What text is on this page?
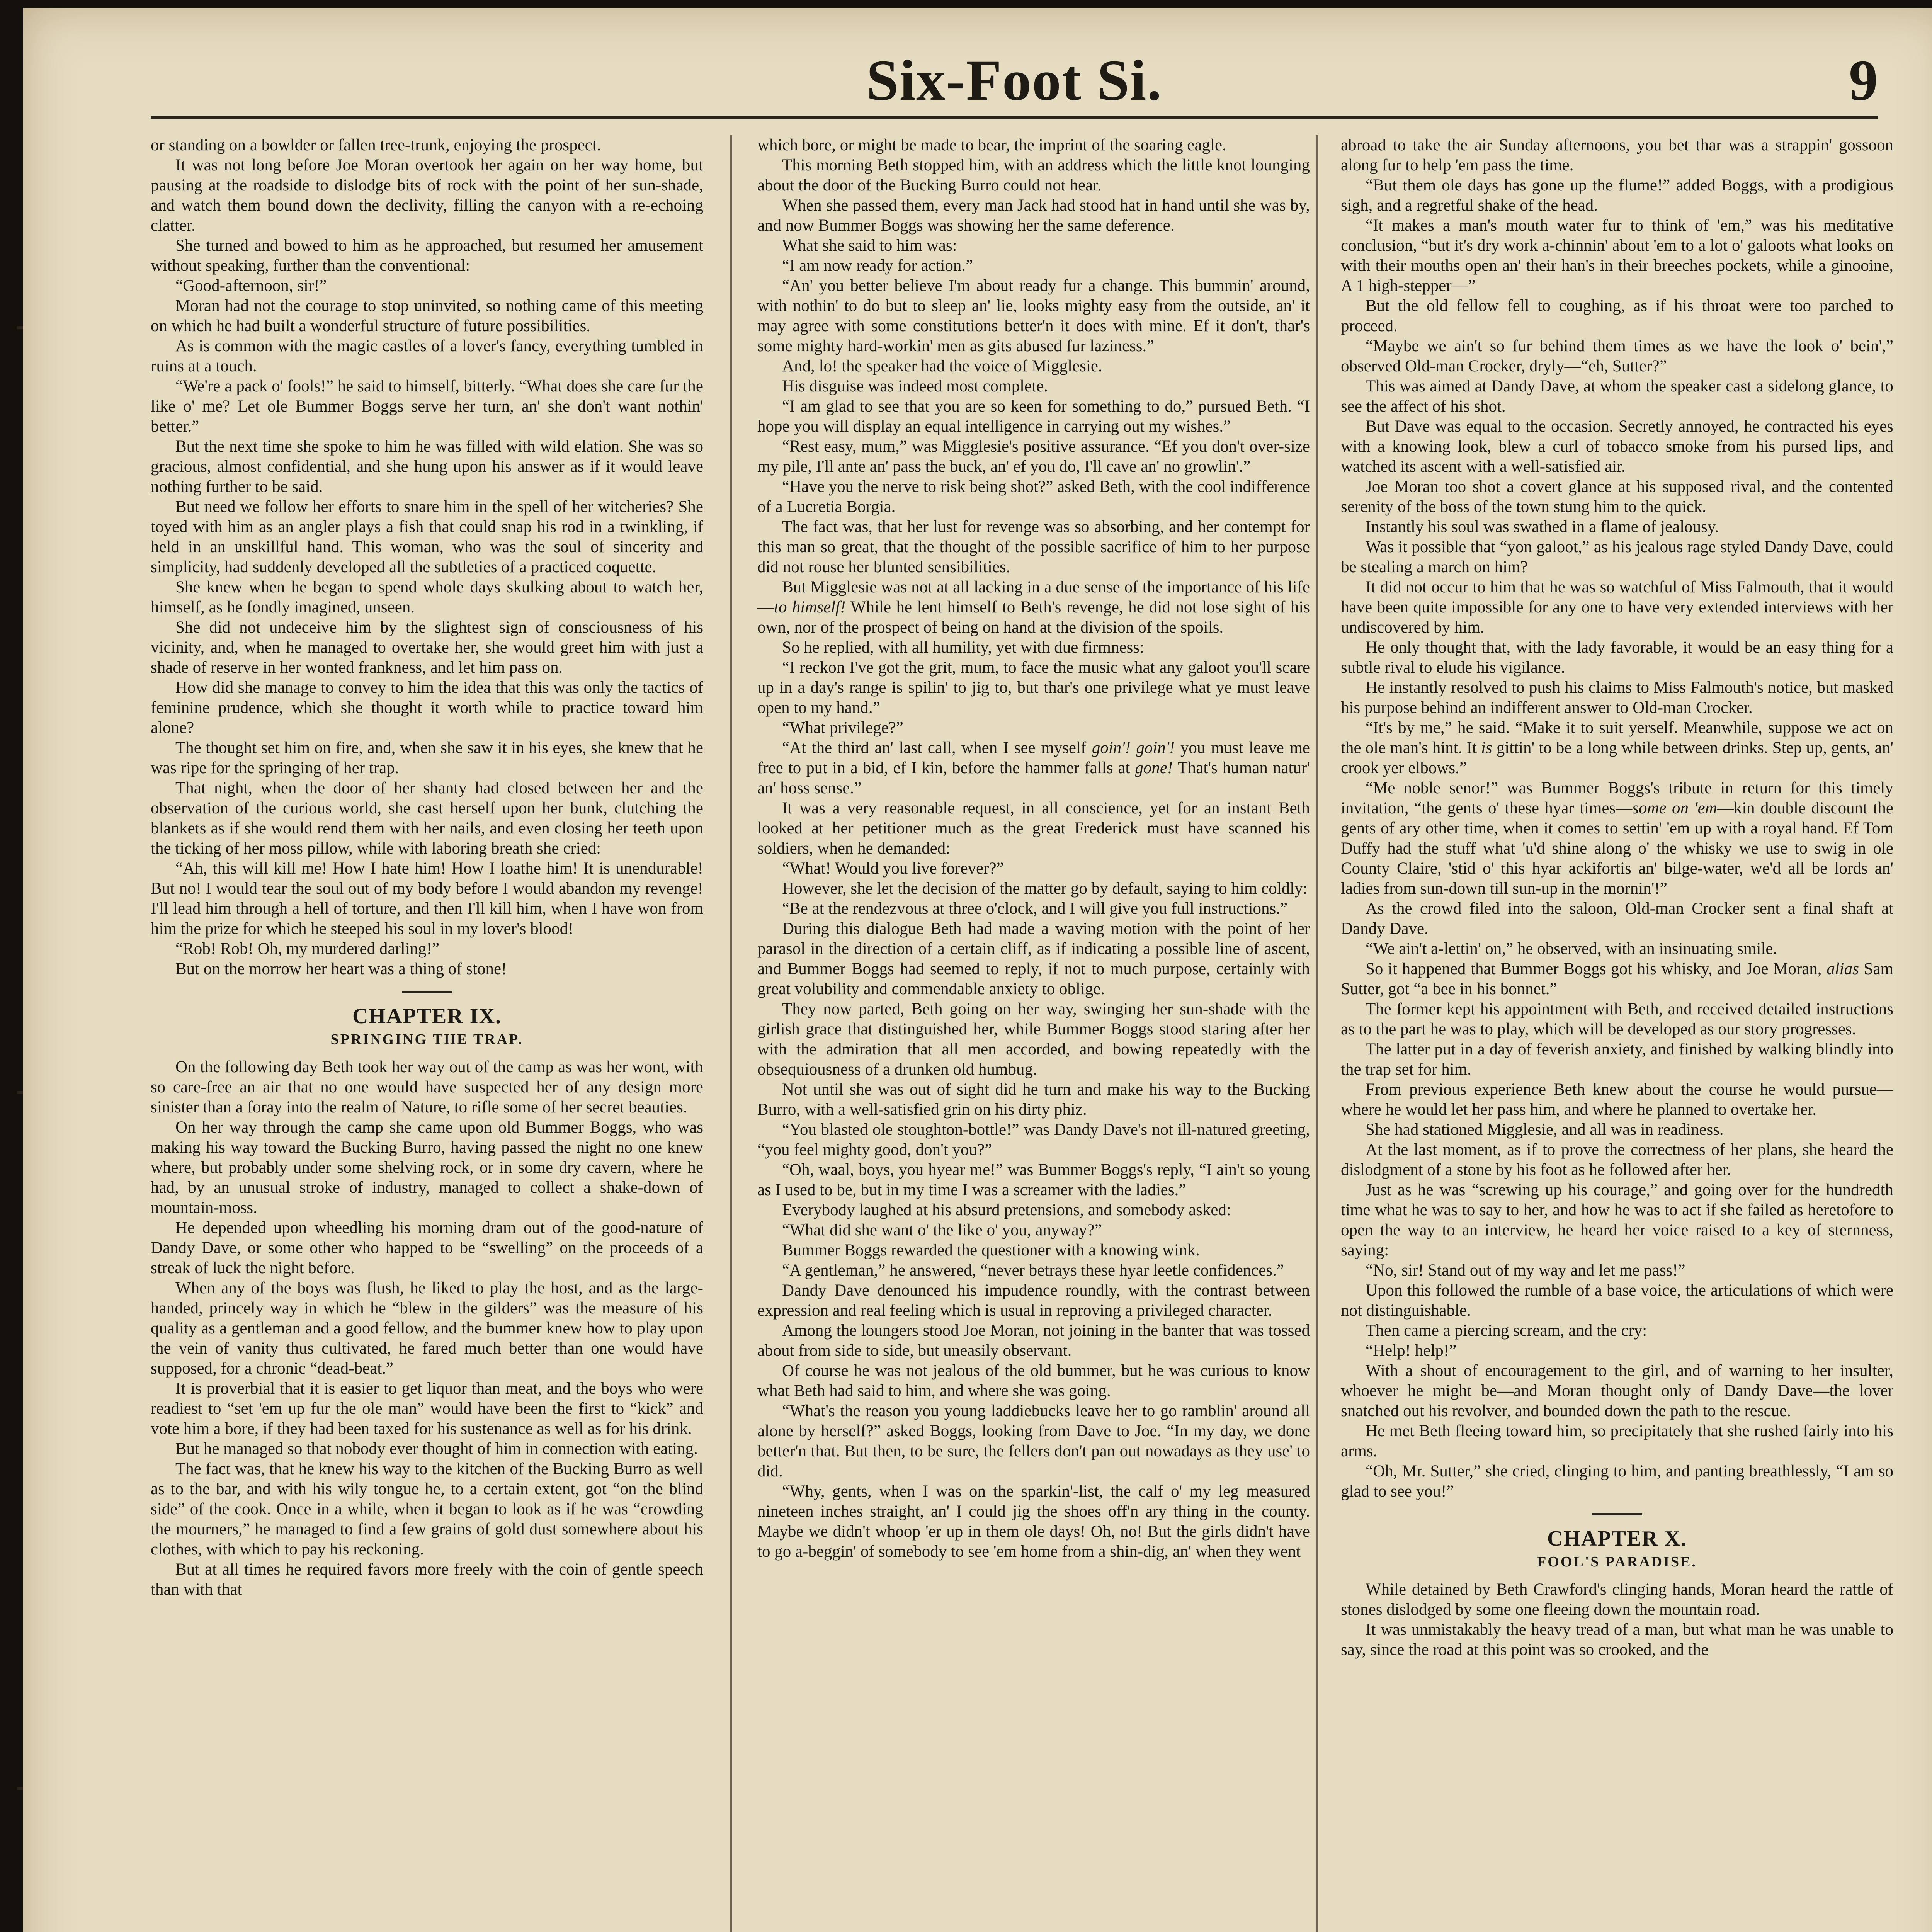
Six-Foot Si.	9

or standing on a bowlder or fallen tree-trunk, enjoying the prospect.

It was not long before Joe Moran overtook her again on her way home, but pausing at the roadside to dislodge bits of rock with the point of her sun-shade, and watch them bound down the declivity, filling the canyon with a re-echoing clatter.

She turned and bowed to him as he approached, but resumed her amusement without speaking, further than the conventional:

“Good-afternoon, sir!”

Moran had not the courage to stop uninvited, so nothing came of this meeting on which he had built a wonderful structure of future possibilities.

As is common with the magic castles of a lover's fancy, everything tumbled in ruins at a touch.

“We're a pack o' fools!” he said to himself, bitterly. “What does she care fur the like o' me? Let ole Bummer Boggs serve her turn, an' she don't want nothin' better.”

But the next time she spoke to him he was filled with wild elation. She was so gracious, almost confidential, and she hung upon his answer as if it would leave nothing further to be said.

But need we follow her efforts to snare him in the spell of her witcheries? She toyed with him as an angler plays a fish that could snap his rod in a twinkling, if held in an unskillful hand. This woman, who was the soul of sincerity and simplicity, had suddenly developed all the subtleties of a practiced coquette.

She knew when he began to spend whole days skulking about to watch her, himself, as he fondly imagined, unseen.

She did not undeceive him by the slightest sign of consciousness of his vicinity, and, when he managed to overtake her, she would greet him with just a shade of reserve in her wonted frankness, and let him pass on.

How did she manage to convey to him the idea that this was only the tactics of feminine prudence, which she thought it worth while to practice toward him alone?

The thought set him on fire, and, when she saw it in his eyes, she knew that he was ripe for the springing of her trap.

That night, when the door of her shanty had closed between her and the observation of the curious world, she cast herself upon her bunk, clutching the blankets as if she would rend them with her nails, and even closing her teeth upon the ticking of her moss pillow, while with laboring breath she cried:

“Ah, this will kill me! How I hate him! How I loathe him! It is unendurable! But no! I would tear the soul out of my body before I would abandon my revenge! I'll lead him through a hell of torture, and then I'll kill him, when I have won from him the prize for which he steeped his soul in my lover's blood!

“Rob! Rob! Oh, my murdered darling!”

But on the morrow her heart was a thing of stone!

CHAPTER IX.
SPRINGING THE TRAP.

On the following day Beth took her way out of the camp as was her wont, with so care-free an air that no one would have suspected her of any design more sinister than a foray into the realm of Nature, to rifle some of her secret beauties.

On her way through the camp she came upon old Bummer Boggs, who was making his way toward the Bucking Burro, having passed the night no one knew where, but probably under some shelving rock, or in some dry cavern, where he had, by an unusual stroke of industry, managed to collect a shake-down of mountain-moss.

He depended upon wheedling his morning dram out of the good-nature of Dandy Dave, or some other who happed to be “swelling” on the proceeds of a streak of luck the night before.

When any of the boys was flush, he liked to play the host, and as the large-handed, princely way in which he “blew in the gilders” was the measure of his quality as a gentleman and a good fellow, and the bummer knew how to play upon the vein of vanity thus cultivated, he fared much better than one would have supposed, for a chronic “dead-beat.”

It is proverbial that it is easier to get liquor than meat, and the boys who were readiest to “set 'em up fur the ole man” would have been the first to “kick” and vote him a bore, if they had been taxed for his sustenance as well as for his drink.

But he managed so that nobody ever thought of him in connection with eating.

The fact was, that he knew his way to the kitchen of the Bucking Burro as well as to the bar, and with his wily tongue he, to a certain extent, got “on the blind side” of the cook. Once in a while, when it began to look as if he was “crowding the mourners,” he managed to find a few grains of gold dust somewhere about his clothes, with which to pay his reckoning.

But at all times he required favors more freely with the coin of gentle speech than with that

which bore, or might be made to bear, the imprint of the soaring eagle.

This morning Beth stopped him, with an address which the little knot lounging about the door of the Bucking Burro could not hear.

When she passed them, every man Jack had stood hat in hand until she was by, and now Bummer Boggs was showing her the same deference.

What she said to him was:

“I am now ready for action.”

“An' you better believe I'm about ready fur a change. This bummin' around, with nothin' to do but to sleep an' lie, looks mighty easy from the outside, an' it may agree with some constitutions better'n it does with mine. Ef it don't, thar's some mighty hard-workin' men as gits abused fur laziness.”

And, lo! the speaker had the voice of Migglesie.

His disguise was indeed most complete.

“I am glad to see that you are so keen for something to do,” pursued Beth. “I hope you will display an equal intelligence in carrying out my wishes.”

“Rest easy, mum,” was Migglesie's positive assurance. “Ef you don't over-size my pile, I'll ante an' pass the buck, an' ef you do, I'll cave an' no growlin'.”

“Have you the nerve to risk being shot?” asked Beth, with the cool indifference of a Lucretia Borgia.

The fact was, that her lust for revenge was so absorbing, and her contempt for this man so great, that the thought of the possible sacrifice of him to her purpose did not rouse her blunted sensibilities.

But Migglesie was not at all lacking in a due sense of the importance of his life—to himself! While he lent himself to Beth's revenge, he did not lose sight of his own, nor of the prospect of being on hand at the division of the spoils.

So he replied, with all humility, yet with due firmness:

“I reckon I've got the grit, mum, to face the music what any galoot you'll scare up in a day's range is spilin' to jig to, but thar's one privilege what ye must leave open to my hand.”

“What privilege?”

“At the third an' last call, when I see myself goin'! goin'! you must leave me free to put in a bid, ef I kin, before the hammer falls at gone! That's human natur' an' hoss sense.”

It was a very reasonable request, in all conscience, yet for an instant Beth looked at her petitioner much as the great Frederick must have scanned his soldiers, when he demanded:

“What! Would you live forever?”

However, she let the decision of the matter go by default, saying to him coldly:

“Be at the rendezvous at three o'clock, and I will give you full instructions.”

During this dialogue Beth had made a waving motion with the point of her parasol in the direction of a certain cliff, as if indicating a possible line of ascent, and Bummer Boggs had seemed to reply, if not to much purpose, certainly with great volubility and commendable anxiety to oblige.

They now parted, Beth going on her way, swinging her sun-shade with the girlish grace that distinguished her, while Bummer Boggs stood staring after her with the admiration that all men accorded, and bowing repeatedly with the obsequiousness of a drunken old humbug.

Not until she was out of sight did he turn and make his way to the Bucking Burro, with a well-satisfied grin on his dirty phiz.

“You blasted ole stoughton-bottle!” was Dandy Dave's not ill-natured greeting, “you feel mighty good, don't you?”

“Oh, waal, boys, you hyear me!” was Bummer Boggs's reply, “I ain't so young as I used to be, but in my time I was a screamer with the ladies.”

Everybody laughed at his absurd pretensions, and somebody asked:

“What did she want o' the like o' you, anyway?”

Bummer Boggs rewarded the questioner with a knowing wink.

“A gentleman,” he answered, “never betrays these hyar leetle confidences.”

Dandy Dave denounced his impudence roundly, with the contrast between expression and real feeling which is usual in reproving a privileged character.

Among the loungers stood Joe Moran, not joining in the banter that was tossed about from side to side, but uneasily observant.

Of course he was not jealous of the old bummer, but he was curious to know what Beth had said to him, and where she was going.

“What's the reason you young laddiebucks leave her to go ramblin' around all alone by herself?” asked Boggs, looking from Dave to Joe. “In my day, we done better'n that. But then, to be sure, the fellers don't pan out nowadays as they use' to did.

“Why, gents, when I was on the sparkin'-list, the calf o' my leg measured nineteen inches straight, an' I could jig the shoes off'n ary thing in the county. Maybe we didn't whoop 'er up in them ole days! Oh, no! But the girls didn't have to go a-beggin' of somebody to see 'em home from a shin-dig, an' when they went

abroad to take the air Sunday afternoons, you bet thar was a strappin' gossoon along fur to help 'em pass the time.

“But them ole days has gone up the flume!” added Boggs, with a prodigious sigh, and a regretful shake of the head.

“It makes a man's mouth water fur to think of 'em,” was his meditative conclusion, “but it's dry work a-chinnin' about 'em to a lot o' galoots what looks on with their mouths open an' their han's in their breeches pockets, while a ginooine, A 1 high-stepper—”

But the old fellow fell to coughing, as if his throat were too parched to proceed.

“Maybe we ain't so fur behind them times as we have the look o' bein',” observed Old-man Crocker, dryly—“eh, Sutter?”

This was aimed at Dandy Dave, at whom the speaker cast a sidelong glance, to see the affect of his shot.

But Dave was equal to the occasion. Secretly annoyed, he contracted his eyes with a knowing look, blew a curl of tobacco smoke from his pursed lips, and watched its ascent with a well-satisfied air.

Joe Moran too shot a covert glance at his supposed rival, and the contented serenity of the boss of the town stung him to the quick.

Instantly his soul was swathed in a flame of jealousy.

Was it possible that “yon galoot,” as his jealous rage styled Dandy Dave, could be stealing a march on him?

It did not occur to him that he was so watchful of Miss Falmouth, that it would have been quite impossible for any one to have very extended interviews with her undiscovered by him.

He only thought that, with the lady favorable, it would be an easy thing for a subtle rival to elude his vigilance.

He instantly resolved to push his claims to Miss Falmouth's notice, but masked his purpose behind an indifferent answer to Old-man Crocker.

“It's by me,” he said. “Make it to suit yerself. Meanwhile, suppose we act on the ole man's hint. It is gittin' to be a long while between drinks. Step up, gents, an' crook yer elbows.”

“Me noble senor!” was Bummer Boggs's tribute in return for this timely invitation, “the gents o' these hyar times—some on 'em—kin double discount the gents of ary other time, when it comes to settin' 'em up with a royal hand. Ef Tom Duffy had the stuff what 'u'd shine along o' the whisky we use to swig in ole County Claire, 'stid o' this hyar ackifortis an' bilge-water, we'd all be lords an' ladies from sun-down till sun-up in the mornin'!”

As the crowd filed into the saloon, Old-man Crocker sent a final shaft at Dandy Dave.

“We ain't a-lettin' on,” he observed, with an insinuating smile.

So it happened that Bummer Boggs got his whisky, and Joe Moran, alias Sam Sutter, got “a bee in his bonnet.”

The former kept his appointment with Beth, and received detailed instructions as to the part he was to play, which will be developed as our story progresses.

The latter put in a day of feverish anxiety, and finished by walking blindly into the trap set for him.

From previous experience Beth knew about the course he would pursue—where he would let her pass him, and where he planned to overtake her.

She had stationed Migglesie, and all was in readiness.

At the last moment, as if to prove the correctness of her plans, she heard the dislodgment of a stone by his foot as he followed after her.

Just as he was “screwing up his courage,” and going over for the hundredth time what he was to say to her, and how he was to act if she failed as heretofore to open the way to an interview, he heard her voice raised to a key of sternness, saying:

“No, sir! Stand out of my way and let me pass!”

Upon this followed the rumble of a base voice, the articulations of which were not distinguishable.

Then came a piercing scream, and the cry:

“Help! help!”

With a shout of encouragement to the girl, and of warning to her insulter, whoever he might be—and Moran thought only of Dandy Dave—the lover snatched out his revolver, and bounded down the path to the rescue.

He met Beth fleeing toward him, so precipitately that she rushed fairly into his arms.

“Oh, Mr. Sutter,” she cried, clinging to him, and panting breathlessly, “I am so glad to see you!”

CHAPTER X.
FOOL'S PARADISE.

While detained by Beth Crawford's clinging hands, Moran heard the rattle of stones dislodged by some one fleeing down the mountain road.

It was unmistakably the heavy tread of a man, but what man he was unable to say, since the road at this point was so crooked, and the
